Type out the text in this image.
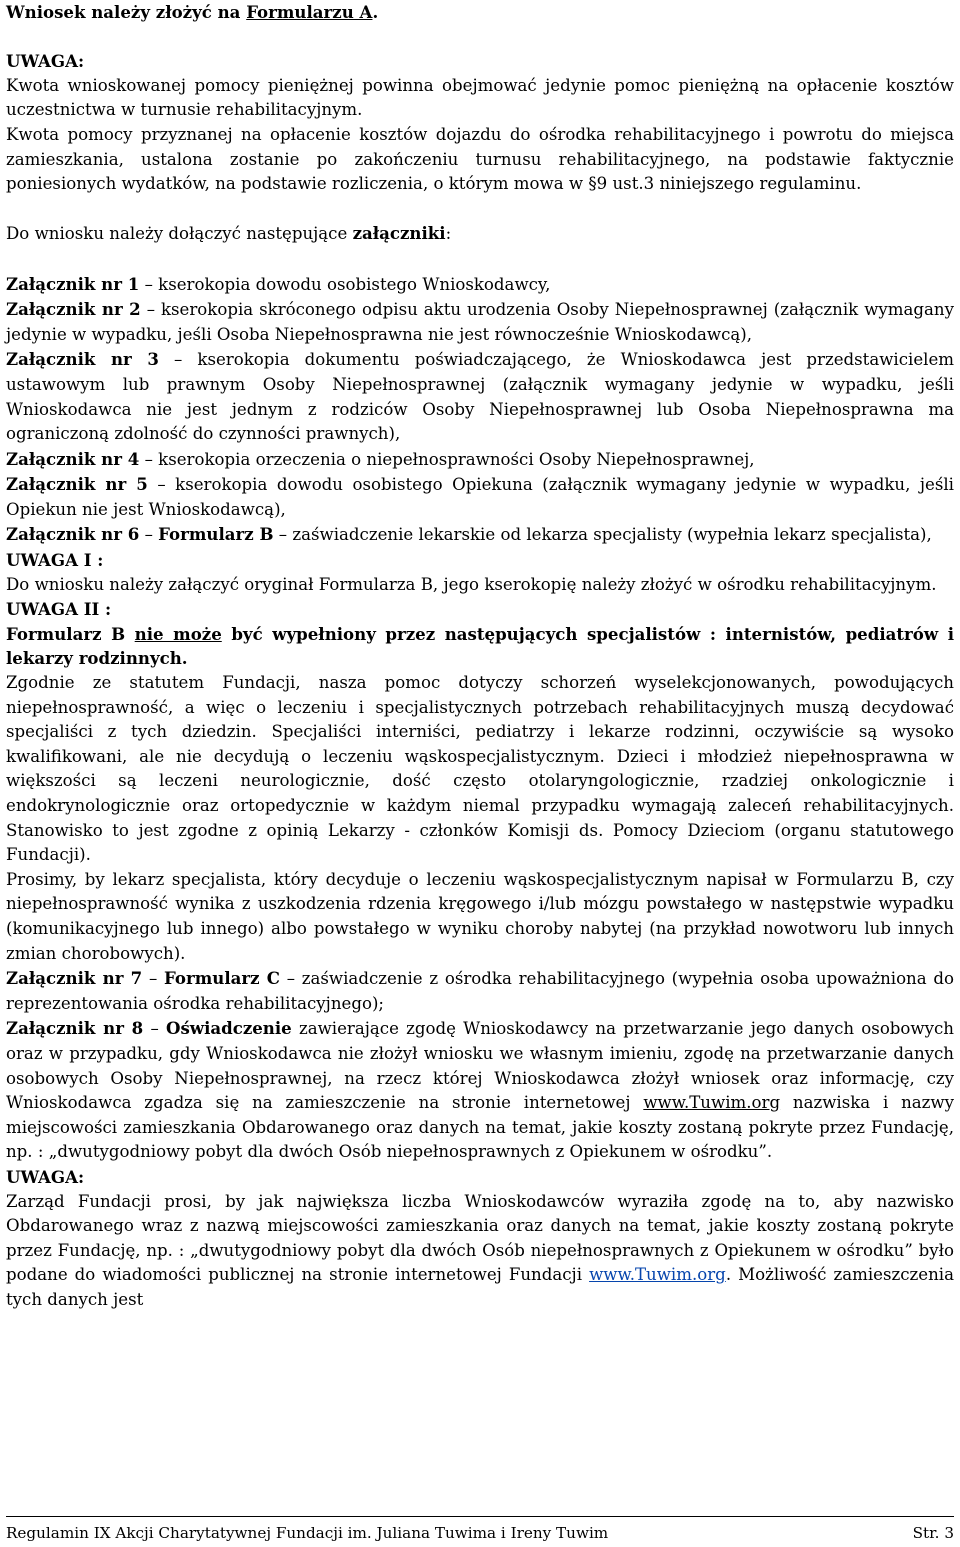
Wniosek należy złożyć na Formularzu A.

UWAGA:

Kwota wnioskowanej pomocy pieniężnej powinna obejmować jedynie pomoc pieniężną na opłacenie kosztów uczestnictwa w turnusie rehabilitacyjnym.

Kwota pomocy przyznanej na opłacenie kosztów dojazdu do ośrodka rehabilitacyjnego i powrotu do miejsca zamieszkania, ustalona zostanie po zakończeniu turnusu rehabilitacyjnego, na podstawie faktycznie poniesionych wydatków, na podstawie rozliczenia, o którym mowa w §9 ust.3 niniejszego regulaminu.

Do wniosku należy dołączyć następujące załączniki:

Załącznik nr 1 – kserokopia dowodu osobistego Wnioskodawcy,

Załącznik nr 2 – kserokopia skróconego odpisu aktu urodzenia Osoby Niepełnosprawnej (załącznik wymagany jedynie w wypadku, jeśli Osoba Niepełnosprawna nie jest równocześnie Wnioskodawcą),

Załącznik nr 3 – kserokopia dokumentu poświadczającego, że Wnioskodawca jest przedstawicielem ustawowym lub prawnym Osoby Niepełnosprawnej (załącznik wymagany jedynie w wypadku, jeśli Wnioskodawca nie jest jednym z rodziców Osoby Niepełnosprawnej lub Osoba Niepełnosprawna ma ograniczoną zdolność do czynności prawnych),

Załącznik nr 4 – kserokopia orzeczenia o niepełnosprawności Osoby Niepełnosprawnej,

Załącznik nr 5 – kserokopia dowodu osobistego Opiekuna (załącznik wymagany jedynie w wypadku, jeśli Opiekun nie jest Wnioskodawcą),

Załącznik nr 6 – Formularz B – zaświadczenie lekarskie od lekarza specjalisty (wypełnia lekarz specjalista),

UWAGA I :

Do wniosku należy załączyć oryginał Formularza B, jego kserokopię należy złożyć w ośrodku rehabilitacyjnym.

UWAGA II :

Formularz B nie może być wypełniony przez następujących specjalistów : internistów, pediatrów i lekarzy rodzinnych.

Zgodnie ze statutem Fundacji, nasza pomoc dotyczy schorzeń wyselekcjonowanych, powodujących niepełnosprawność, a więc o leczeniu i specjalistycznych potrzebach rehabilitacyjnych muszą decydować specjaliści z tych dziedzin. Specjaliści interniści, pediatrzy i lekarze rodzinni, oczywiście są wysoko kwalifikowani, ale nie decydują o leczeniu wąskospecjalistycznym. Dzieci i młodzież niepełnosprawna w większości są leczeni neurologicznie, dość często otolaryngologicznie, rzadziej onkologicznie i endokrynologicznie oraz ortopedycznie w każdym niemal przypadku wymagają zaleceń rehabilitacyjnych. Stanowisko to jest zgodne z opinią Lekarzy - członków Komisji ds. Pomocy Dzieciom (organu statutowego Fundacji).

Prosimy, by lekarz specjalista, który decyduje o leczeniu wąskospecjalistycznym napisał w Formularzu B, czy niepełnosprawność wynika z uszkodzenia rdzenia kręgowego i/lub mózgu powstałego w następstwie wypadku (komunikacyjnego lub innego) albo powstałego w wyniku choroby nabytej (na przykład nowotworu lub innych zmian chorobowych).

Załącznik nr 7 – Formularz C – zaświadczenie z ośrodka rehabilitacyjnego (wypełnia osoba upoważniona do reprezentowania ośrodka rehabilitacyjnego);

Załącznik nr 8 – Oświadczenie zawierające zgodę Wnioskodawcy na przetwarzanie jego danych osobowych oraz w przypadku, gdy Wnioskodawca nie złożył wniosku we własnym imieniu, zgodę na przetwarzanie danych osobowych Osoby Niepełnosprawnej, na rzecz której Wnioskodawca złożył wniosek oraz informację, czy Wnioskodawca zgadza się na zamieszczenie na stronie internetowej www.Tuwim.org nazwiska i nazwy miejscowości zamieszkania Obdarowanego oraz danych na temat, jakie koszty zostaną pokryte przez Fundację, np. : „dwutygodniowy pobyt dla dwóch Osób niepełnosprawnych z Opiekunem w ośrodku”.

UWAGA:

Zarząd Fundacji prosi, by jak największa liczba Wnioskodawców wyraziła zgodę na to, aby nazwisko Obdarowanego wraz z nazwą miejscowości zamieszkania oraz danych na temat, jakie koszty zostaną pokryte przez Fundację, np. : „dwutygodniowy pobyt dla dwóch Osób niepełnosprawnych z Opiekunem w ośrodku” było podane do wiadomości publicznej na stronie internetowej Fundacji www.Tuwim.org. Możliwość zamieszczenia tych danych jest

Regulamin IX Akcji Charytatywnej Fundacji im. Juliana Tuwima i Ireny Tuwim	Str. 3
